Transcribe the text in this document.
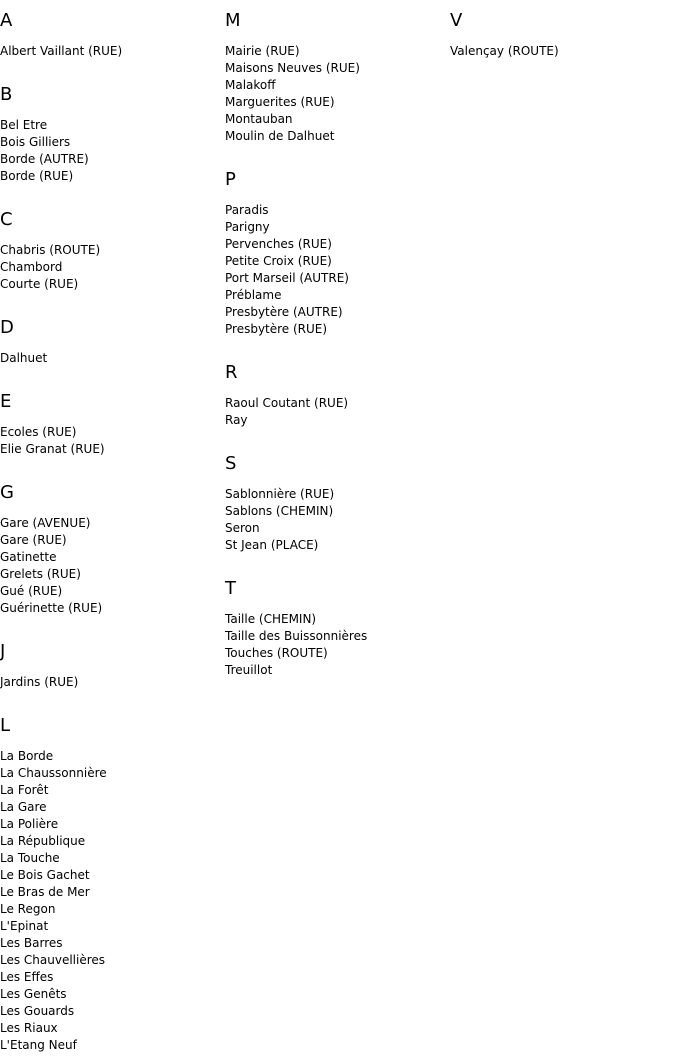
A
Albert Vaillant (RUE)
B
Bel Etre
Bois Gilliers
Borde (AUTRE)
Borde (RUE)
C
Chabris (ROUTE)
Chambord
Courte (RUE)
D
Dalhuet
E
Ecoles (RUE)
Elie Granat (RUE)
G
Gare (AVENUE)
Gare (RUE)
Gatinette
Grelets (RUE)
Gué (RUE)
Guérinette (RUE)
J
Jardins (RUE)
L
La Borde
La Chaussonnière
La Forêt
La Gare
La Polière
La République
La Touche
Le Bois Gachet
Le Bras de Mer
Le Regon
L'Epinat
Les Barres
Les Chauvellières
Les Effes
Les Genêts
Les Gouards
Les Riaux
L'Etang Neuf
M
Mairie (RUE)
Maisons Neuves (RUE)
Malakoff
Marguerites (RUE)
Montauban
Moulin de Dalhuet
P
Paradis
Parigny
Pervenches (RUE)
Petite Croix (RUE)
Port Marseil (AUTRE)
Préblame
Presbytère (AUTRE)
Presbytère (RUE)
R
Raoul Coutant (RUE)
Ray
S
Sablonnière (RUE)
Sablons (CHEMIN)
Seron
St Jean (PLACE)
T
Taille (CHEMIN)
Taille des Buissonnières
Touches (ROUTE)
Treuillot
V
Valençay (ROUTE)
